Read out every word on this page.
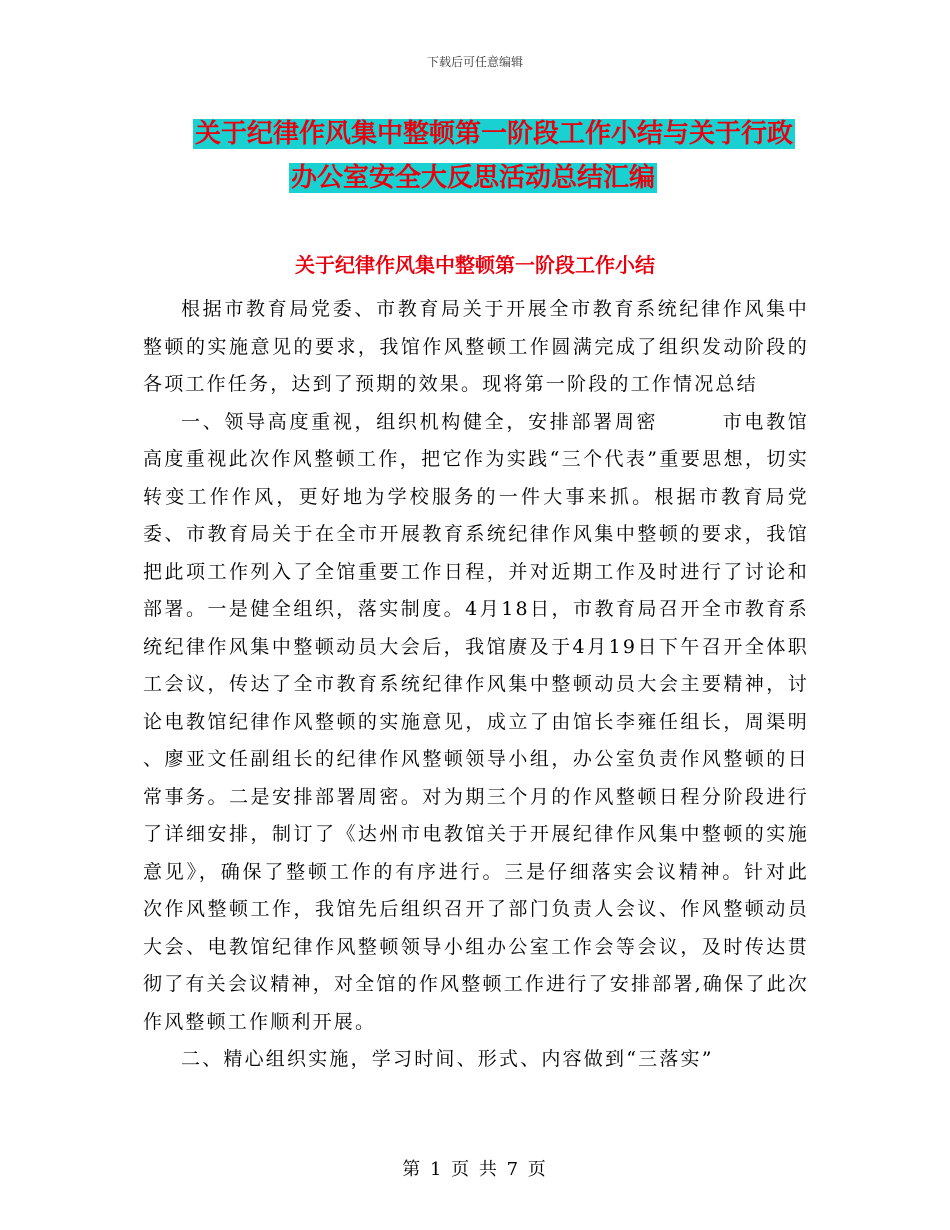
下载后可任意编辑
关于纪律作风集中整顿第一阶段工作小结与关于行政
办公室安全大反思活动总结汇编
关于纪律作风集中整顿第一阶段工作小结

根据市教育局党委、市教育局关于开展全市教育系统纪律作风集中整顿的实施意见的要求，我馆作风整顿工作圆满完成了组织发动阶段的各项工作任务，达到了预期的效果。现将第一阶段的工作情况总结

一、领导高度重视，组织机构健全，安排部署周密	市电教馆高度重视此次作风整顿工作，把它作为实践“三个代表”重要思想，切实转变工作作风，更好地为学校服务的一件大事来抓。根据市教育局党委、市教育局关于在全市开展教育系统纪律作风集中整顿的要求，我馆把此项工作列入了全馆重要工作日程，并对近期工作及时进行了讨论和部署。一是健全组织，落实制度。4月18日，市教育局召开全市教育系统纪律作风集中整顿动员大会后，我馆赓及于4月19日下午召开全体职工会议，传达了全市教育系统纪律作风集中整顿动员大会主要精神，讨论电教馆纪律作风整顿的实施意见，成立了由馆长李雍任组长，周渠明 、廖亚文任副组长的纪律作风整顿领导小组，办公室负责作风整顿的日常事务。二是安排部署周密。对为期三个月的作风整顿日程分阶段进行了详细安排，制订了《达州市电教馆关于开展纪律作风集中整顿的实施意见》，确保了整顿工作的有序进行。三是仔细落实会议精神。针对此次作风整顿工作，我馆先后组织召开了部门负责人会议、作风整顿动员大会、电教馆纪律作风整顿领导小组办公室工作会等会议，及时传达贯彻了有关会议精神，对全馆的作风整顿工作进行了安排部署,确保了此次作风整顿工作顺利开展。

二、精心组织实施，学习时间、形式、内容做到“三落实”

第 1 页 共 7 页
